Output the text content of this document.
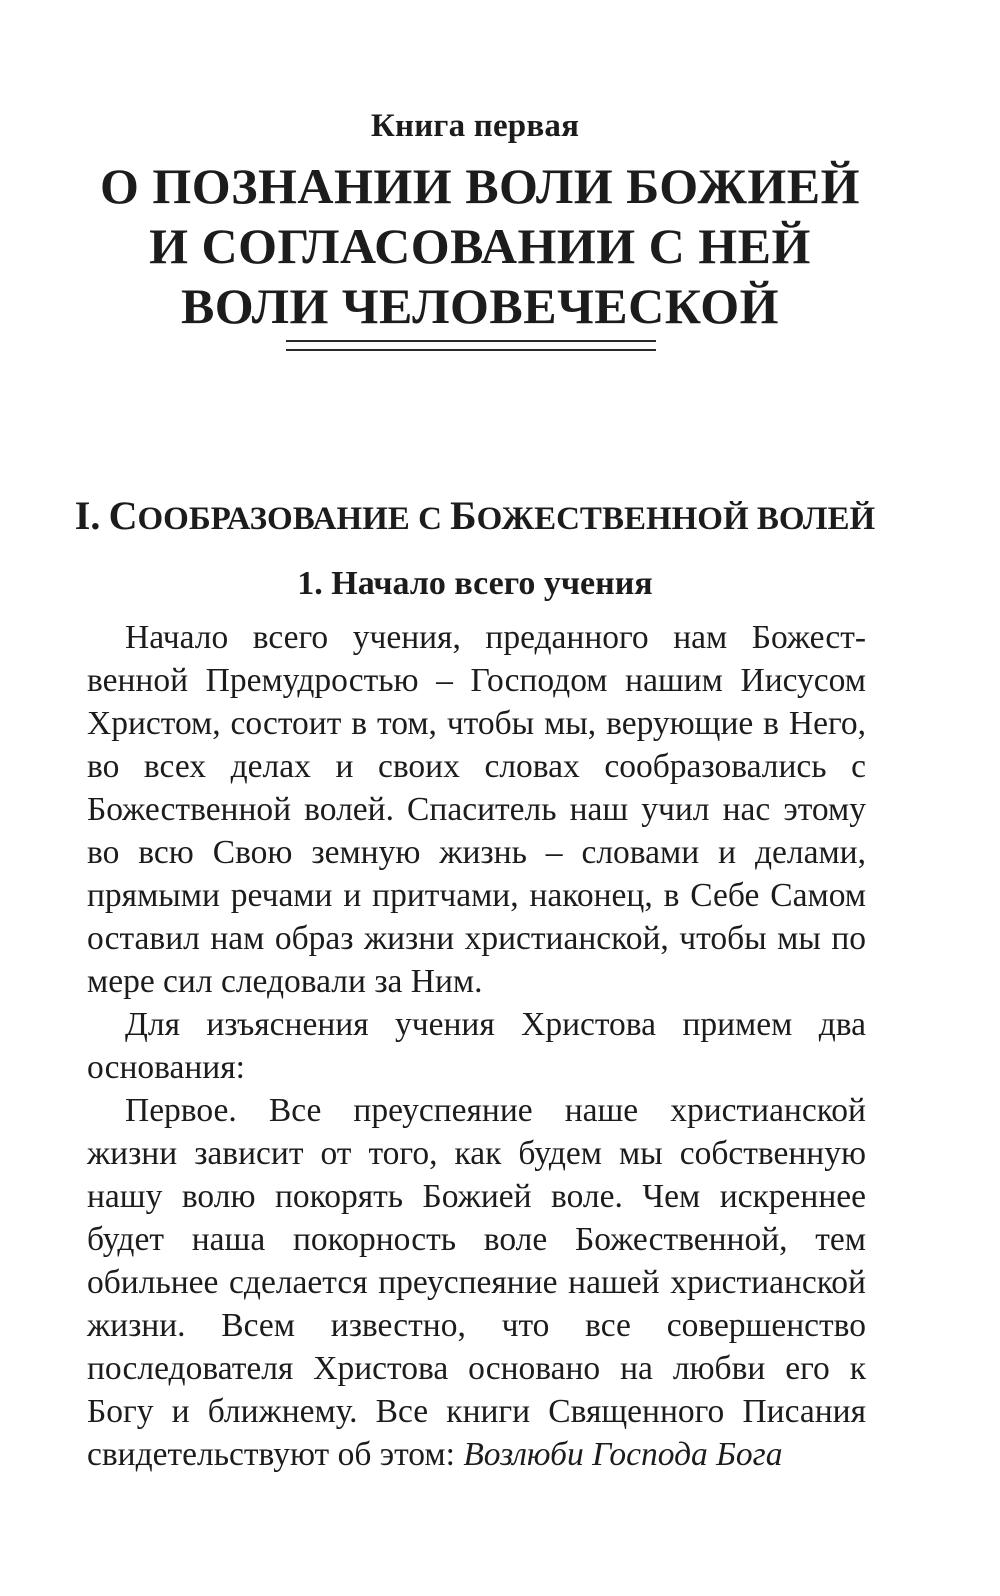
Книга первая
О ПОЗНАНИИ ВОЛИ БОЖИЕЙ
И СОГЛАСОВАНИИ С НЕЙ
ВОЛИ ЧЕЛОВЕЧЕСКОЙ
I. СООБРАЗОВАНИЕ С БОЖЕСТВЕННОЙ ВОЛЕЙ
1. Начало всего учения

Начало всего учения, преданного нам Божественной Премудростью – Господом нашим Иисусом Христом, состоит в том, чтобы мы, верующие в Него, во всех делах и своих словах сообразовались с Божественной волей. Спаситель наш учил нас этому во всю Свою земную жизнь – словами и делами, прямыми речами и притчами, наконец, в Себе Самом оставил нам образ жизни христианской, чтобы мы по мере сил следовали за Ним.

Для изъяснения учения Христова примем два основания:

Первое. Все преуспеяние наше христианской жизни зависит от того, как будем мы собственную нашу волю покорять Божией воле. Чем искреннее будет наша покорность воле Божественной, тем обильнее сделается преуспеяние нашей христианской жизни. Всем известно, что все совершенство последователя Христова основано на любви его к Богу и ближнему. Все книги Священного Писания свидетельствуют об этом: Возлюби Господа Бога
